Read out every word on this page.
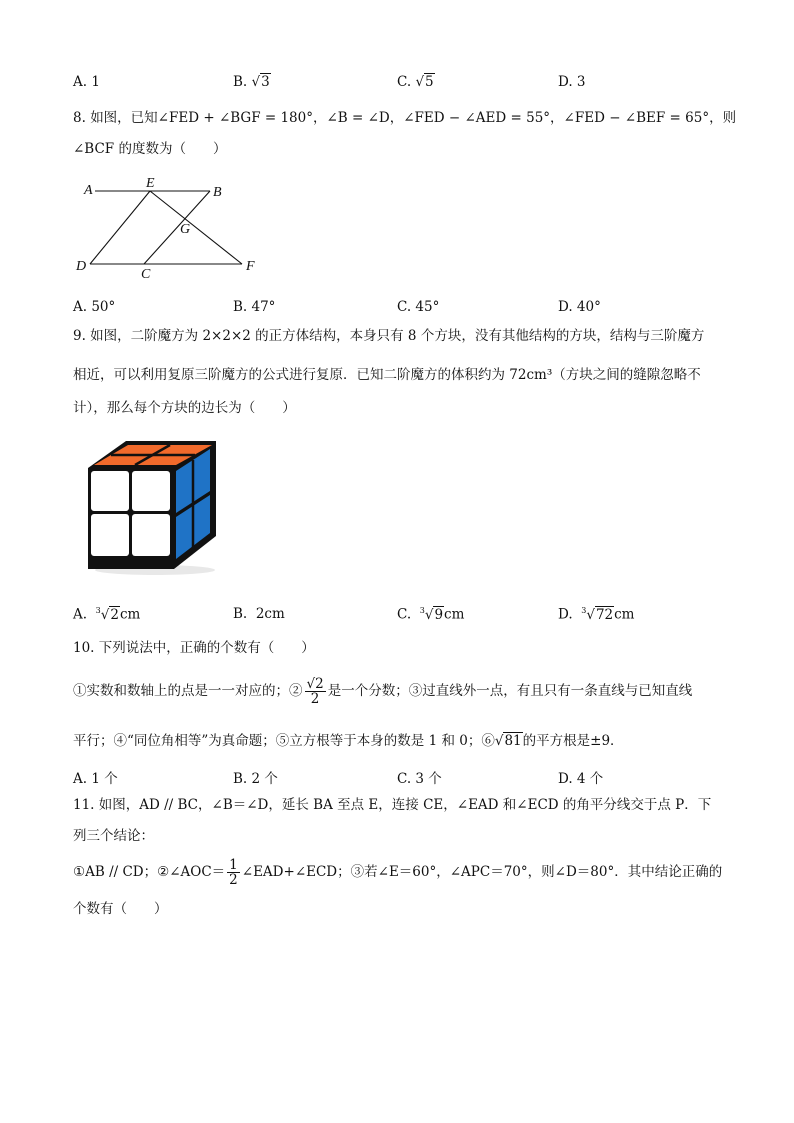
A. 1	B. √3	C. √5	D. 3
8. 如图，已知∠FED + ∠BGF = 180°，∠B = ∠D，∠FED − ∠AED = 55°，∠FED − ∠BEF = 65°，则
∠BCF 的度数为（　　）
A	E
B
G
D
C
F
A. 50°	B. 47°	C. 45°	D. 40°
9. 如图，二阶魔方为 2×2×2 的正方体结构，本身只有 8 个方块，没有其他结构的方块，结构与三阶魔方
相近，可以利用复原三阶魔方的公式进行复原．已知二阶魔方的体积约为 72cm³（方块之间的缝隙忽略不
计），那么每个方块的边长为（　　）
A. $^3$√2cm	B. 2cm	C. $^3$√9cm	D. $^3$√72cm
10. 下列说法中，正确的个数有（　　）
①实数和数轴上的点是一一对应的；② $\frac{√2}{2}$ 是一个分数；③过直线外一点，有且只有一条直线与已知直线
平行；④“同位角相等”为真命题；⑤立方根等于本身的数是 1 和 0；⑥√81的平方根是±9．
A. 1 个	B. 2 个	C. 3 个	D. 4 个
11. 如图，AD // BC，∠B＝∠D，延长 BA 至点 E，连接 CE，∠EAD 和∠ECD 的角平分线交于点 P．下
列三个结论：
①AB // CD；②∠AOC＝ $\frac{1}{2}$ ∠EAD+∠ECD；③若∠E＝60°，∠APC＝70°，则∠D＝80°．其中结论正确的
个数有（　　）
